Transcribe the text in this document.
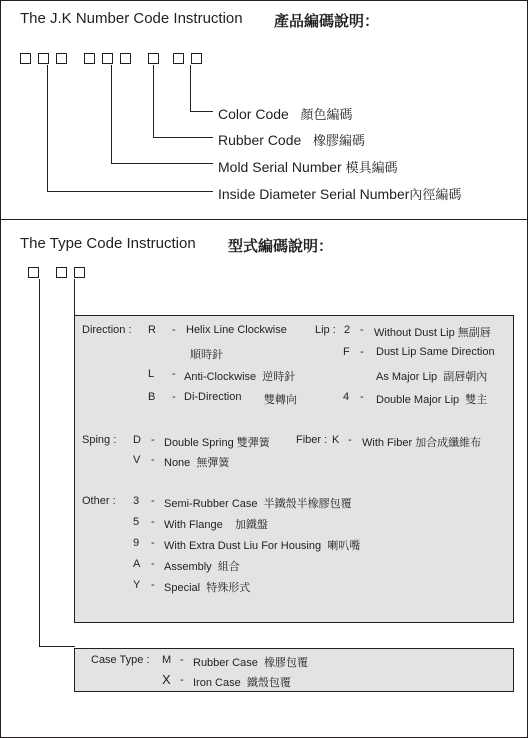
The J.K Number Code Instruction 產品編碼說明：
Color Code 顏色編碼
Rubber Code 橡膠編碼
Mold Serial Number 模具編碼
Inside Diameter Serial Number內徑編碼
The Type Code Instruction 型式編碼說明：
Direction : R - Helix Line Clockwise
順時針
L - Anti-Clockwise 逆時針
B - Di-Direction 雙轉向
Lip : 2 - Without Dust Lip 無副唇
F - Dust Lip Same Direction
As Major Lip 副唇朝內
4 - Double Major Lip 雙主
Sping : D - Double Spring 雙彈簧 Fiber : K - With Fiber 加合成纖維布
V - None 無彈簧
Other : 3 - Semi-Rubber Case 半鐵殼半橡膠包覆
5 - With Flange 加鐵盤
9 - With Extra Dust Liu For Housing 喇叭嘴
A - Assembly 組合
Y - Special 特殊形式
Case Type : M - Rubber Case 橡膠包覆
X - Iron Case 鐵殼包覆
